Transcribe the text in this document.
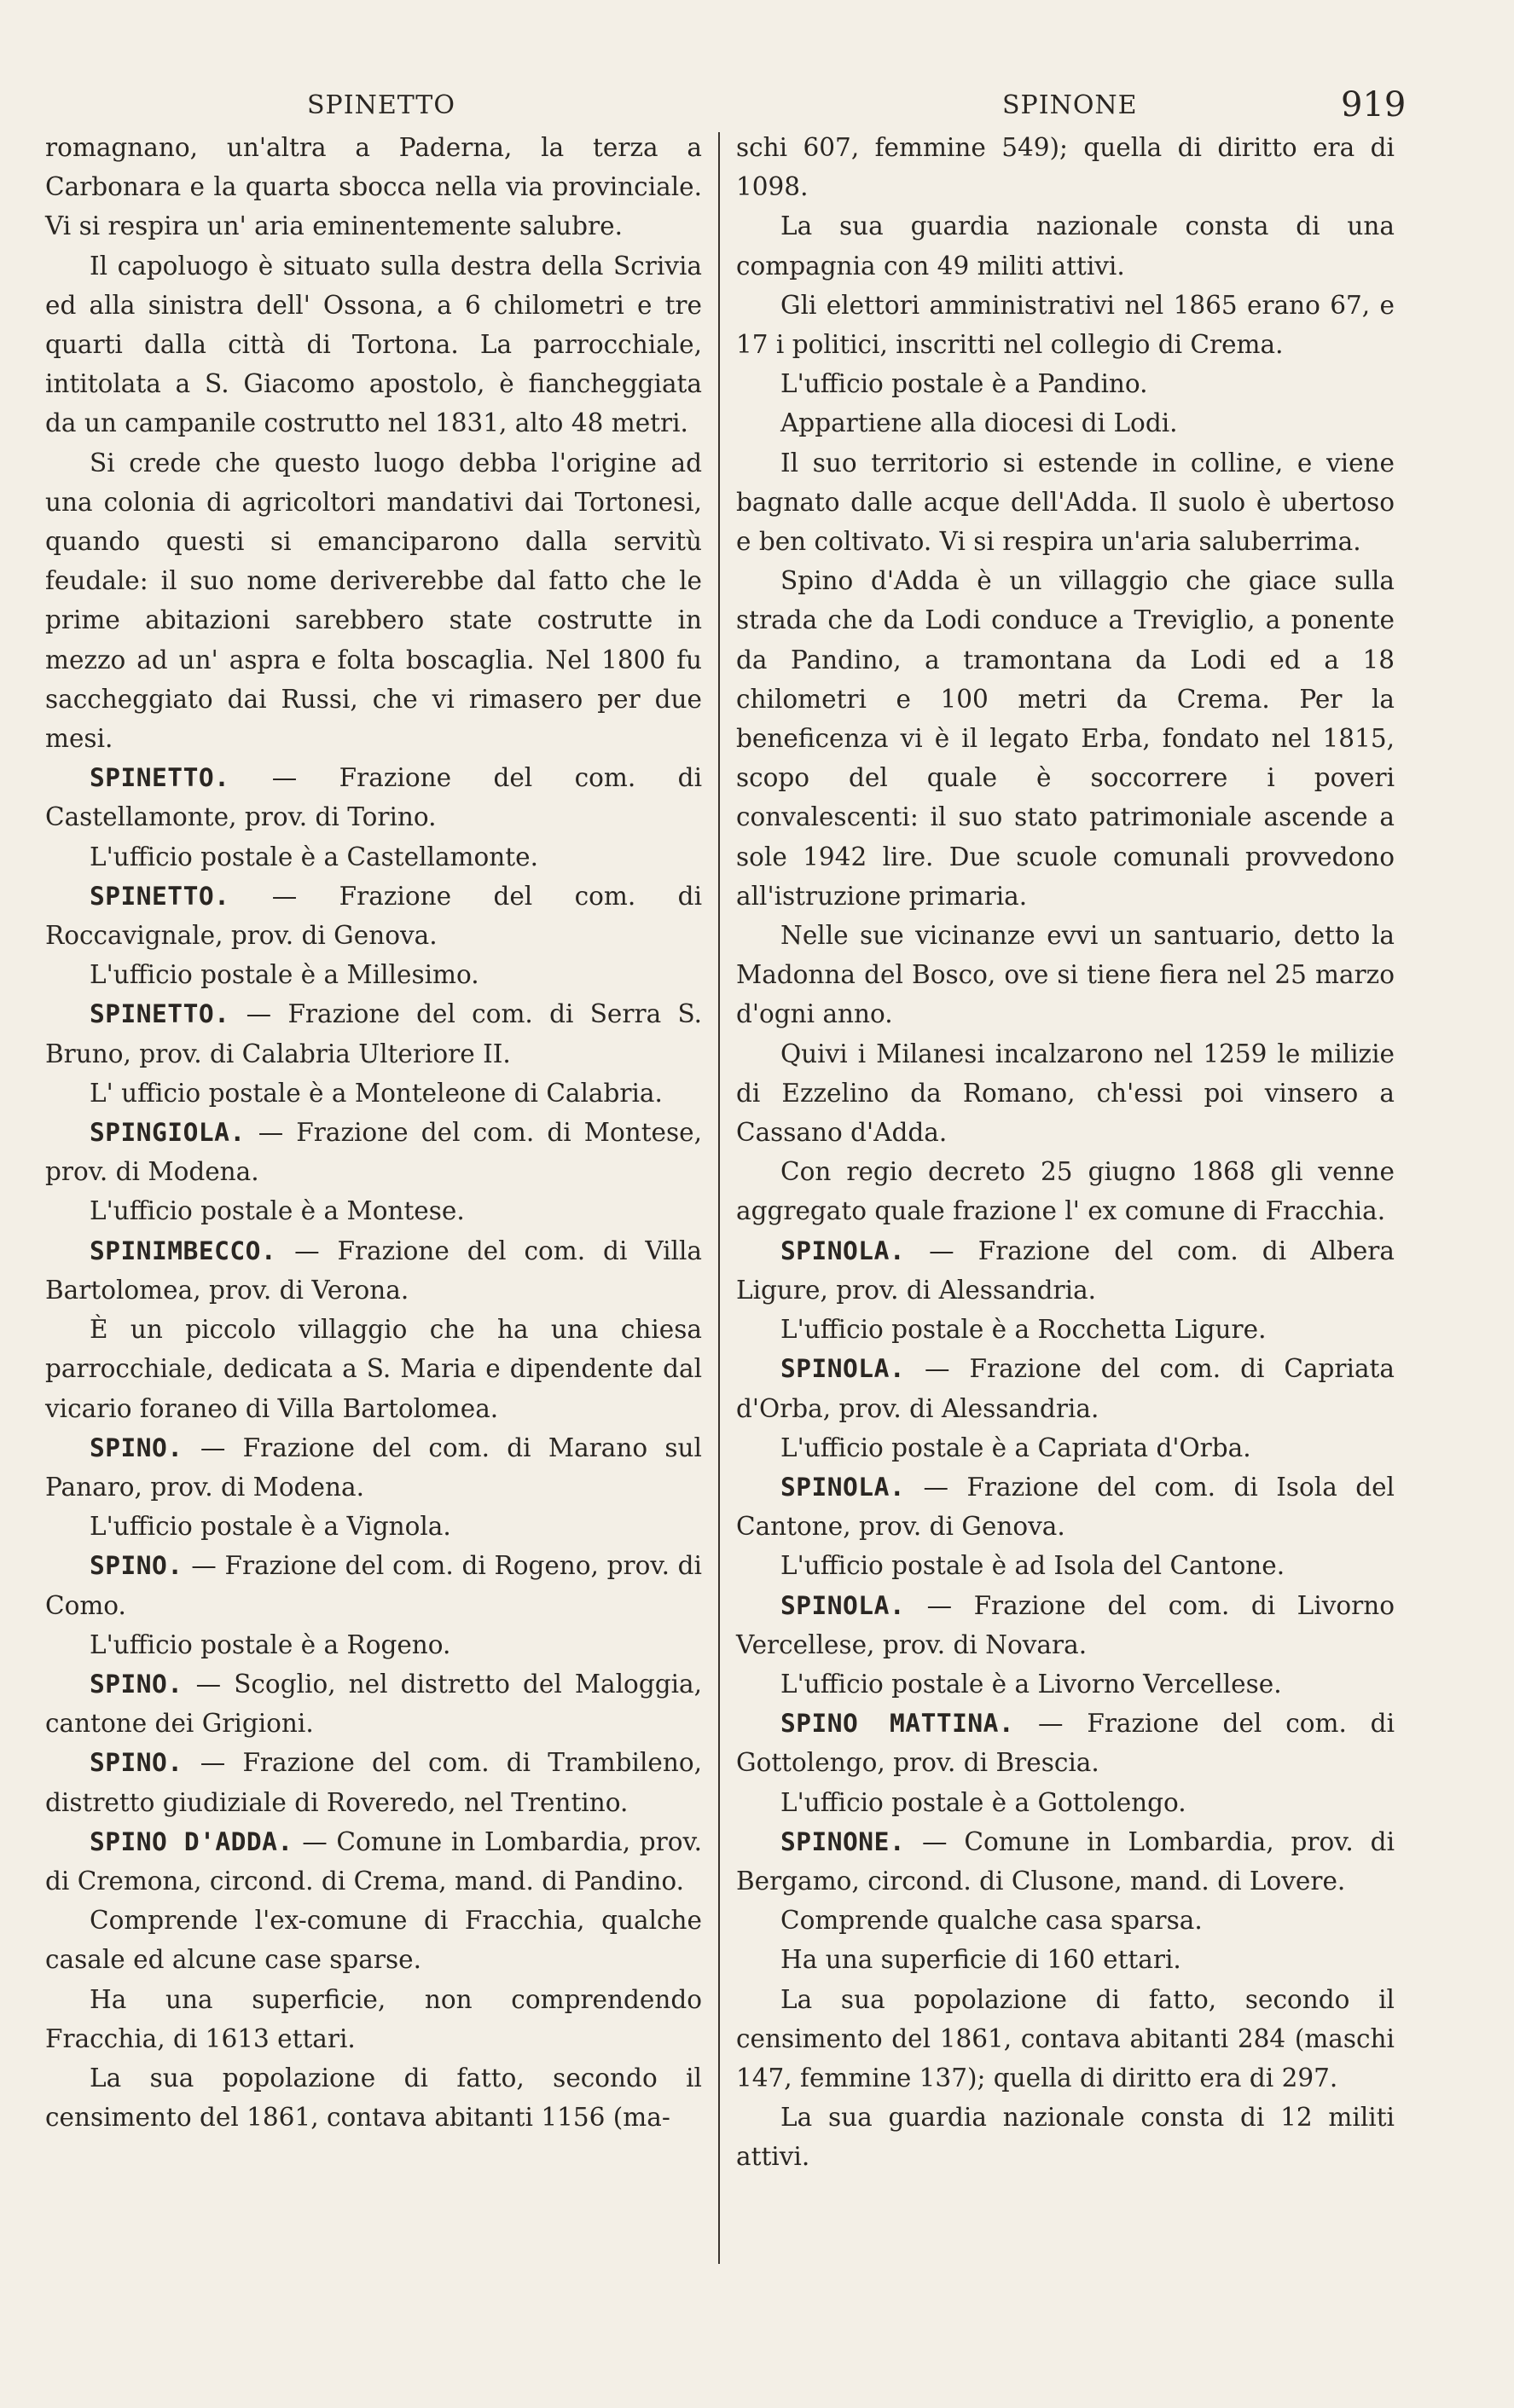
SPINETTO	SPINONE	919

romagnano, un'altra a Paderna, la terza a Carbonara e la quarta sbocca nella via provinciale. Vi si respira un' aria eminentemente salubre.

Il capoluogo è situato sulla destra della Scrivia ed alla sinistra dell' Ossona, a 6 chilometri e tre quarti dalla città di Tortona. La parrocchiale, intitolata a S. Giacomo apostolo, è fiancheggiata da un campanile costrutto nel 1831, alto 48 metri.

Si crede che questo luogo debba l'origine ad una colonia di agricoltori mandativi dai Tortonesi, quando questi si emanciparono dalla servitù feudale: il suo nome deriverebbe dal fatto che le prime abitazioni sarebbero state costrutte in mezzo ad un' aspra e folta boscaglia. Nel 1800 fu saccheggiato dai Russi, che vi rimasero per due mesi.

SPINETTO. — Frazione del com. di Castellamonte, prov. di Torino.

L'ufficio postale è a Castellamonte.

SPINETTO. — Frazione del com. di Roccavignale, prov. di Genova.

L'ufficio postale è a Millesimo.

SPINETTO. — Frazione del com. di Serra S. Bruno, prov. di Calabria Ulteriore II.

L' ufficio postale è a Monteleone di Calabria.

SPINGIOLA. — Frazione del com. di Montese, prov. di Modena.

L'ufficio postale è a Montese.

SPINIMBECCO. — Frazione del com. di Villa Bartolomea, prov. di Verona.

È un piccolo villaggio che ha una chiesa parrocchiale, dedicata a S. Maria e dipendente dal vicario foraneo di Villa Bartolomea.

SPINO. — Frazione del com. di Marano sul Panaro, prov. di Modena.

L'ufficio postale è a Vignola.

SPINO. — Frazione del com. di Rogeno, prov. di Como.

L'ufficio postale è a Rogeno.

SPINO. — Scoglio, nel distretto del Maloggia, cantone dei Grigioni.

SPINO. — Frazione del com. di Trambileno, distretto giudiziale di Roveredo, nel Trentino.

SPINO D'ADDA. — Comune in Lombardia, prov. di Cremona, circond. di Crema, mand. di Pandino.

Comprende l'ex-comune di Fracchia, qualche casale ed alcune case sparse.

Ha una superficie, non comprendendo Fracchia, di 1613 ettari.

La sua popolazione di fatto, secondo il censimento del 1861, contava abitanti 1156 (ma-

schi 607, femmine 549); quella di diritto era di 1098.

La sua guardia nazionale consta di una compagnia con 49 militi attivi.

Gli elettori amministrativi nel 1865 erano 67, e 17 i politici, inscritti nel collegio di Crema.

L'ufficio postale è a Pandino.

Appartiene alla diocesi di Lodi.

Il suo territorio si estende in colline, e viene bagnato dalle acque dell'Adda. Il suolo è ubertoso e ben coltivato. Vi si respira un'aria saluberrima.

Spino d'Adda è un villaggio che giace sulla strada che da Lodi conduce a Treviglio, a ponente da Pandino, a tramontana da Lodi ed a 18 chilometri e 100 metri da Crema. Per la beneficenza vi è il legato Erba, fondato nel 1815, scopo del quale è soccorrere i poveri convalescenti: il suo stato patrimoniale ascende a sole 1942 lire. Due scuole comunali provvedono all'istruzione primaria.

Nelle sue vicinanze evvi un santuario, detto la Madonna del Bosco, ove si tiene fiera nel 25 marzo d'ogni anno.

Quivi i Milanesi incalzarono nel 1259 le milizie di Ezzelino da Romano, ch'essi poi vinsero a Cassano d'Adda.

Con regio decreto 25 giugno 1868 gli venne aggregato quale frazione l' ex comune di Fracchia.

SPINOLA. — Frazione del com. di Albera Ligure, prov. di Alessandria.

L'ufficio postale è a Rocchetta Ligure.

SPINOLA. — Frazione del com. di Capriata d'Orba, prov. di Alessandria.

L'ufficio postale è a Capriata d'Orba.

SPINOLA. — Frazione del com. di Isola del Cantone, prov. di Genova.

L'ufficio postale è ad Isola del Cantone.

SPINOLA. — Frazione del com. di Livorno Vercellese, prov. di Novara.

L'ufficio postale è a Livorno Vercellese.

SPINO MATTINA. — Frazione del com. di Gottolengo, prov. di Brescia.

L'ufficio postale è a Gottolengo.

SPINONE. — Comune in Lombardia, prov. di Bergamo, circond. di Clusone, mand. di Lovere.

Comprende qualche casa sparsa.

Ha una superficie di 160 ettari.

La sua popolazione di fatto, secondo il censimento del 1861, contava abitanti 284 (maschi 147, femmine 137); quella di diritto era di 297.

La sua guardia nazionale consta di 12 militi attivi.
